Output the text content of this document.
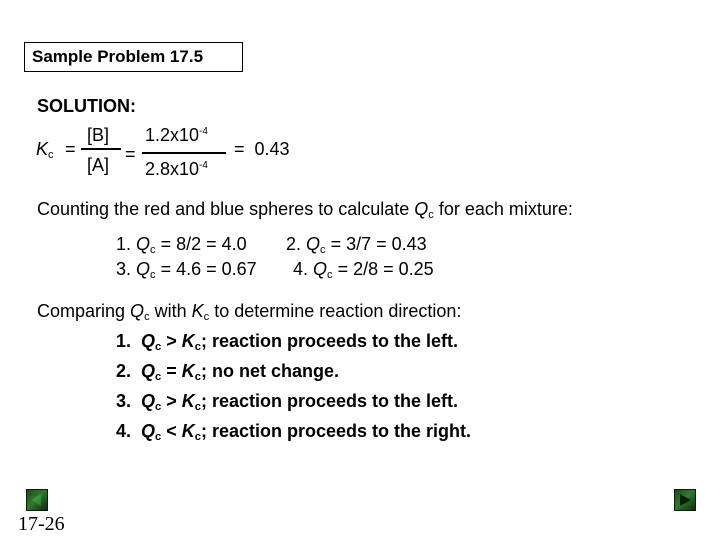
Sample Problem 17.5
SOLUTION:
$K_c$ =
[B]
[A]
=
$1.2x10^{-4}$
$2.8x10^{-4}$
=  0.43
Counting the red and blue spheres to calculate $Q_c$ for each mixture:
1. $Q_c = 8/2 = 4.0$ 2. $Q_c = 3/7 = 0.43$
3. $Q_c = 4.6 = 0.67$ 4. $Q_c = 2/8 = 0.25$
Comparing $Q_c$ with $K_c$ to determine reaction direction:
1. $Q_c > K_c$; reaction proceeds to the left.
2. $Q_c = K_c$; no net change.
3. $Q_c > K_c$; reaction proceeds to the left.
4. $Q_c < K_c$; reaction proceeds to the right.
17-26
